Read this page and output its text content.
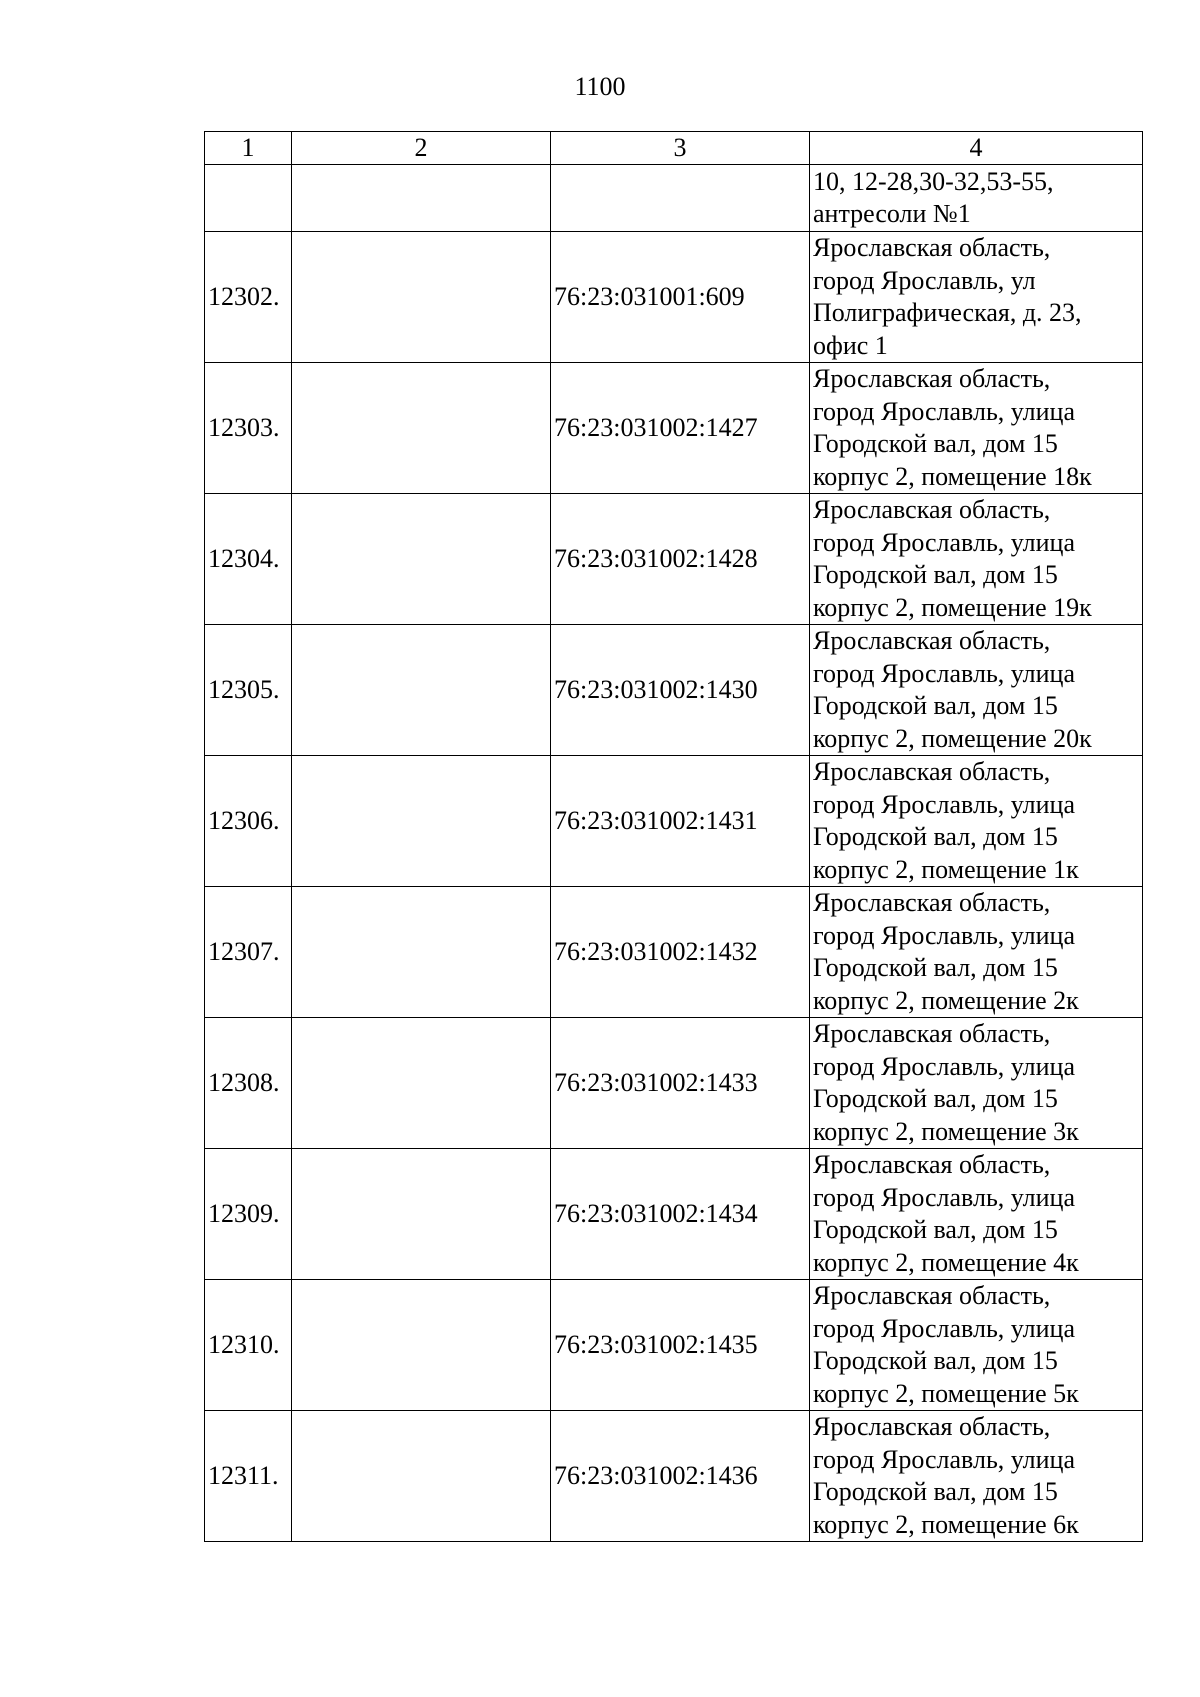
1100
1	2	3	4
			10, 12-28,30-32,53-55,
антресоли №1
12302.		76:23:031001:609	Ярославская область,
город Ярославль, ул
Полиграфическая, д. 23,
офис 1
12303.		76:23:031002:1427	Ярославская область,
город Ярославль, улица
Городской вал, дом 15
корпус 2, помещение 18к
12304.		76:23:031002:1428	Ярославская область,
город Ярославль, улица
Городской вал, дом 15
корпус 2, помещение 19к
12305.		76:23:031002:1430	Ярославская область,
город Ярославль, улица
Городской вал, дом 15
корпус 2, помещение 20к
12306.		76:23:031002:1431	Ярославская область,
город Ярославль, улица
Городской вал, дом 15
корпус 2, помещение 1к
12307.		76:23:031002:1432	Ярославская область,
город Ярославль, улица
Городской вал, дом 15
корпус 2, помещение 2к
12308.		76:23:031002:1433	Ярославская область,
город Ярославль, улица
Городской вал, дом 15
корпус 2, помещение 3к
12309.		76:23:031002:1434	Ярославская область,
город Ярославль, улица
Городской вал, дом 15
корпус 2, помещение 4к
12310.		76:23:031002:1435	Ярославская область,
город Ярославль, улица
Городской вал, дом 15
корпус 2, помещение 5к
12311.		76:23:031002:1436	Ярославская область,
город Ярославль, улица
Городской вал, дом 15
корпус 2, помещение 6к
